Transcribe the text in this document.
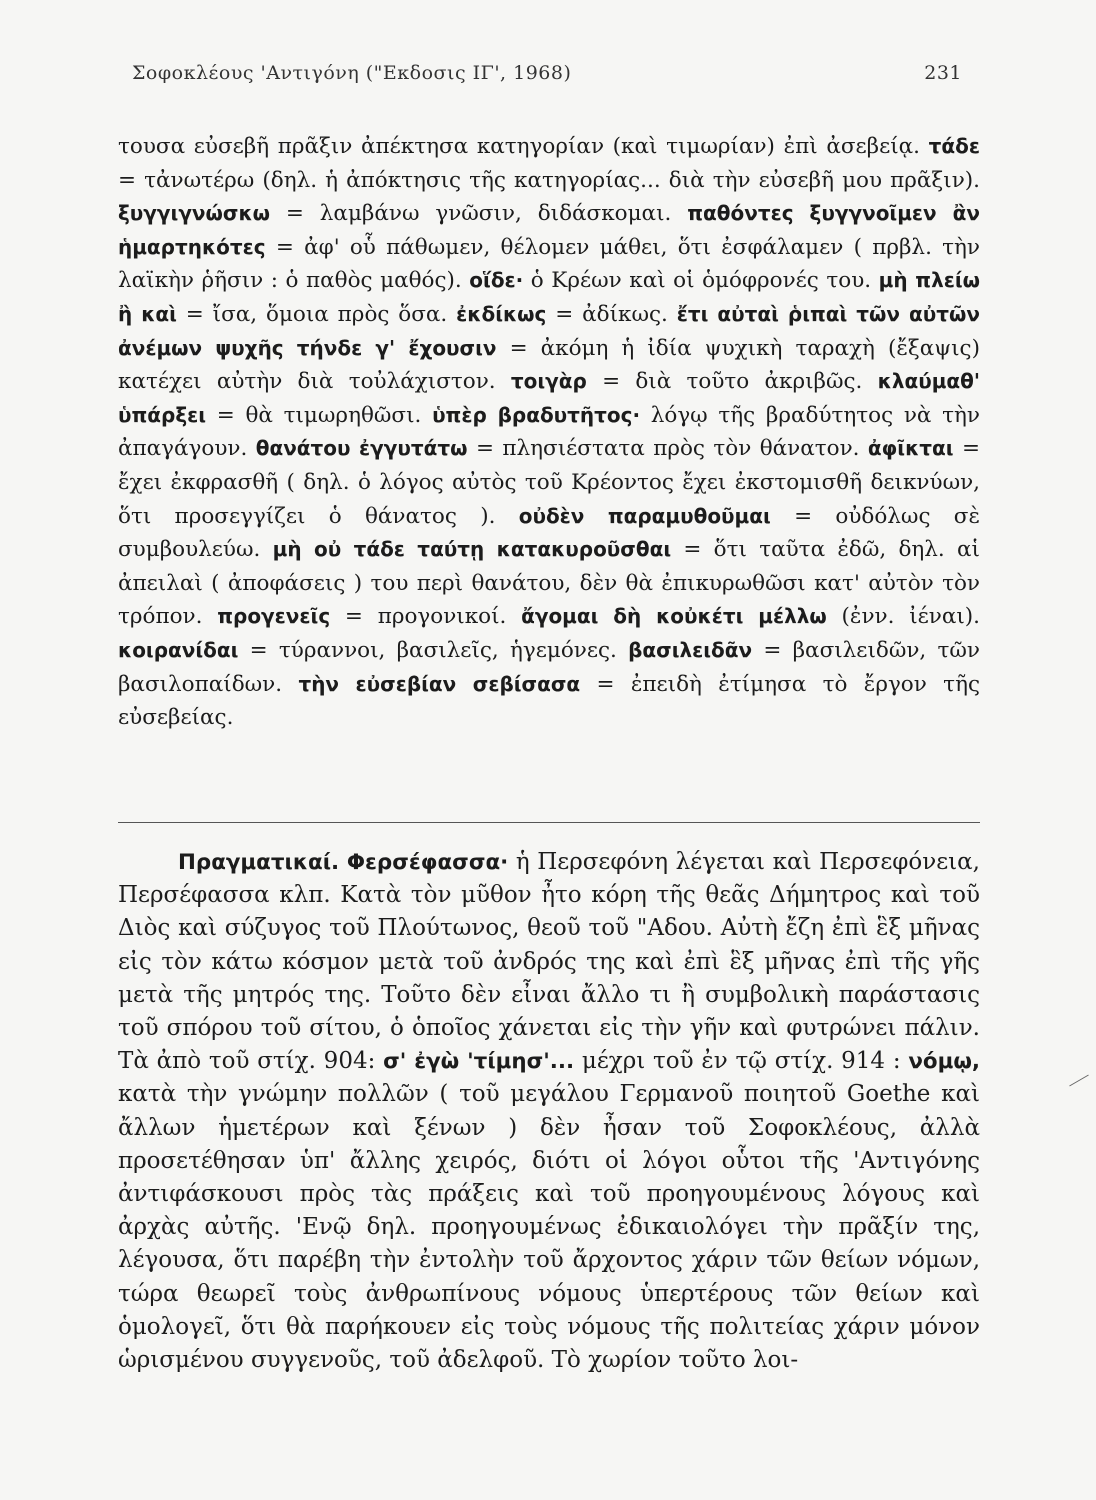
Σοφοκλέους 'Αντιγόνη ("Εκδοσις ΙΓ', 1968)	231
τουσα εὐσεβῆ πρᾶξιν ἀπέκτησα κατηγορίαν (καὶ τιμωρίαν) ἐπὶ ἀσεβείᾳ. τάδε = τἀνωτέρω (δηλ. ἡ ἀπόκτησις τῆς κατηγορίας... διὰ τὴν εὐσεβῆ μου πρᾶξιν). ξυγγιγνώσκω = λαμβάνω γνῶσιν, διδάσκομαι. παθόντες ξυγγνοῖμεν ἂν ἡμαρτηκότες = ἀφ' οὗ πάθωμεν, θέλομεν μάθει, ὅτι ἐσφάλαμεν ( πρβλ. τὴν λαϊκὴν ῥῆσιν : ὁ παθὸς μαθός). οἵδε· ὁ Κρέων καὶ οἱ ὁμόφρονές του. μὴ πλείω ἢ καὶ = ἴσα, ὅμοια πρὸς ὅσα. ἐκδίκως = ἀδίκως. ἔτι αὐταὶ ῥιπαὶ τῶν αὐτῶν ἀνέμων ψυχῆς τήνδε γ' ἔχουσιν = ἀκόμη ἡ ἰδία ψυχικὴ ταραχὴ (ἔξαψις) κατέχει αὐτὴν διὰ τοὐλάχιστον. τοιγὰρ = διὰ τοῦτο ἀκριβῶς. κλαύμαθ' ὑπάρξει = θὰ τιμωρηθῶσι. ὑπὲρ βραδυτῆτος· λόγῳ τῆς βραδύτητος νὰ τὴν ἀπαγάγουν. θανάτου ἐγγυτάτω = πλησιέστατα πρὸς τὸν θάνατον. ἀφῖκται = ἔχει ἐκφρασθῆ ( δηλ. ὁ λόγος αὐτὸς τοῦ Κρέοντος ἔχει ἐκστομισθῆ δεικνύων, ὅτι προσεγγίζει ὁ θάνατος ). οὐδὲν παραμυθοῦμαι = οὐδόλως σὲ συμβουλεύω. μὴ οὐ τάδε ταύτῃ κατακυροῦσθαι = ὅτι ταῦτα ἐδῶ, δηλ. αἱ ἀπειλαὶ ( ἀποφάσεις ) του περὶ θανάτου, δὲν θὰ ἐπικυρωθῶσι κατ' αὐτὸν τὸν τρόπον. προγενεῖς = προγονικοί. ἄγομαι δὴ κοὐκέτι μέλλω (ἐνν. ἰέναι). κοιρανίδαι = τύραννοι, βασιλεῖς, ἡγεμόνες. βασιλειδᾶν = βασιλειδῶν, τῶν βασιλοπαίδων. τὴν εὐσεβίαν σεβίσασα = ἐπειδὴ ἐτίμησα τὸ ἔργον τῆς εὐσεβείας.
Πραγματικαί. Φερσέφασσα· ἡ Περσεφόνη λέγεται καὶ Περσεφόνεια, Περσέφασσα κλπ. Κατὰ τὸν μῦθον ἦτο κόρη τῆς θεᾶς Δήμητρος καὶ τοῦ Διὸς καὶ σύζυγος τοῦ Πλούτωνος, θεοῦ τοῦ "Αδου. Αὐτὴ ἔζη ἐπὶ ἓξ μῆνας εἰς τὸν κάτω κόσμον μετὰ τοῦ ἀνδρός της καὶ ἐπὶ ἓξ μῆνας ἐπὶ τῆς γῆς μετὰ τῆς μητρός της. Τοῦτο δὲν εἶναι ἄλλο τι ἢ συμβολικὴ παράστασις τοῦ σπόρου τοῦ σίτου, ὁ ὁποῖος χάνεται εἰς τὴν γῆν καὶ φυτρώνει πάλιν. Τὰ ἀπὸ τοῦ στίχ. 904: σ' ἐγὼ 'τίμησ'... μέχρι τοῦ ἐν τῷ στίχ. 914 : νόμῳ, κατὰ τὴν γνώμην πολλῶν ( τοῦ μεγάλου Γερμανοῦ ποιητοῦ Goethe καὶ ἄλλων ἡμετέρων καὶ ξένων ) δὲν ἦσαν τοῦ Σοφοκλέους, ἀλλὰ προσετέθησαν ὑπ' ἄλλης χειρός, διότι οἱ λόγοι οὗτοι τῆς 'Αντιγόνης ἀντιφάσκουσι πρὸς τὰς πράξεις καὶ τοῦ προηγουμένους λόγους καὶ ἀρχὰς αὐτῆς. 'Ενῷ δηλ. προηγουμένως ἐδικαιολόγει τὴν πρᾶξίν της, λέγουσα, ὅτι παρέβη τὴν ἐντολὴν τοῦ ἄρχοντος χάριν τῶν θείων νόμων, τώρα θεωρεῖ τοὺς ἀνθρωπίνους νόμους ὑπερτέρους τῶν θείων καὶ ὁμολογεῖ, ὅτι θὰ παρήκουεν εἰς τοὺς νόμους τῆς πολιτείας χάριν μόνον ὡρισμένου συγγενοῦς, τοῦ ἀδελφοῦ. Τὸ χωρίον τοῦτο λοι-
